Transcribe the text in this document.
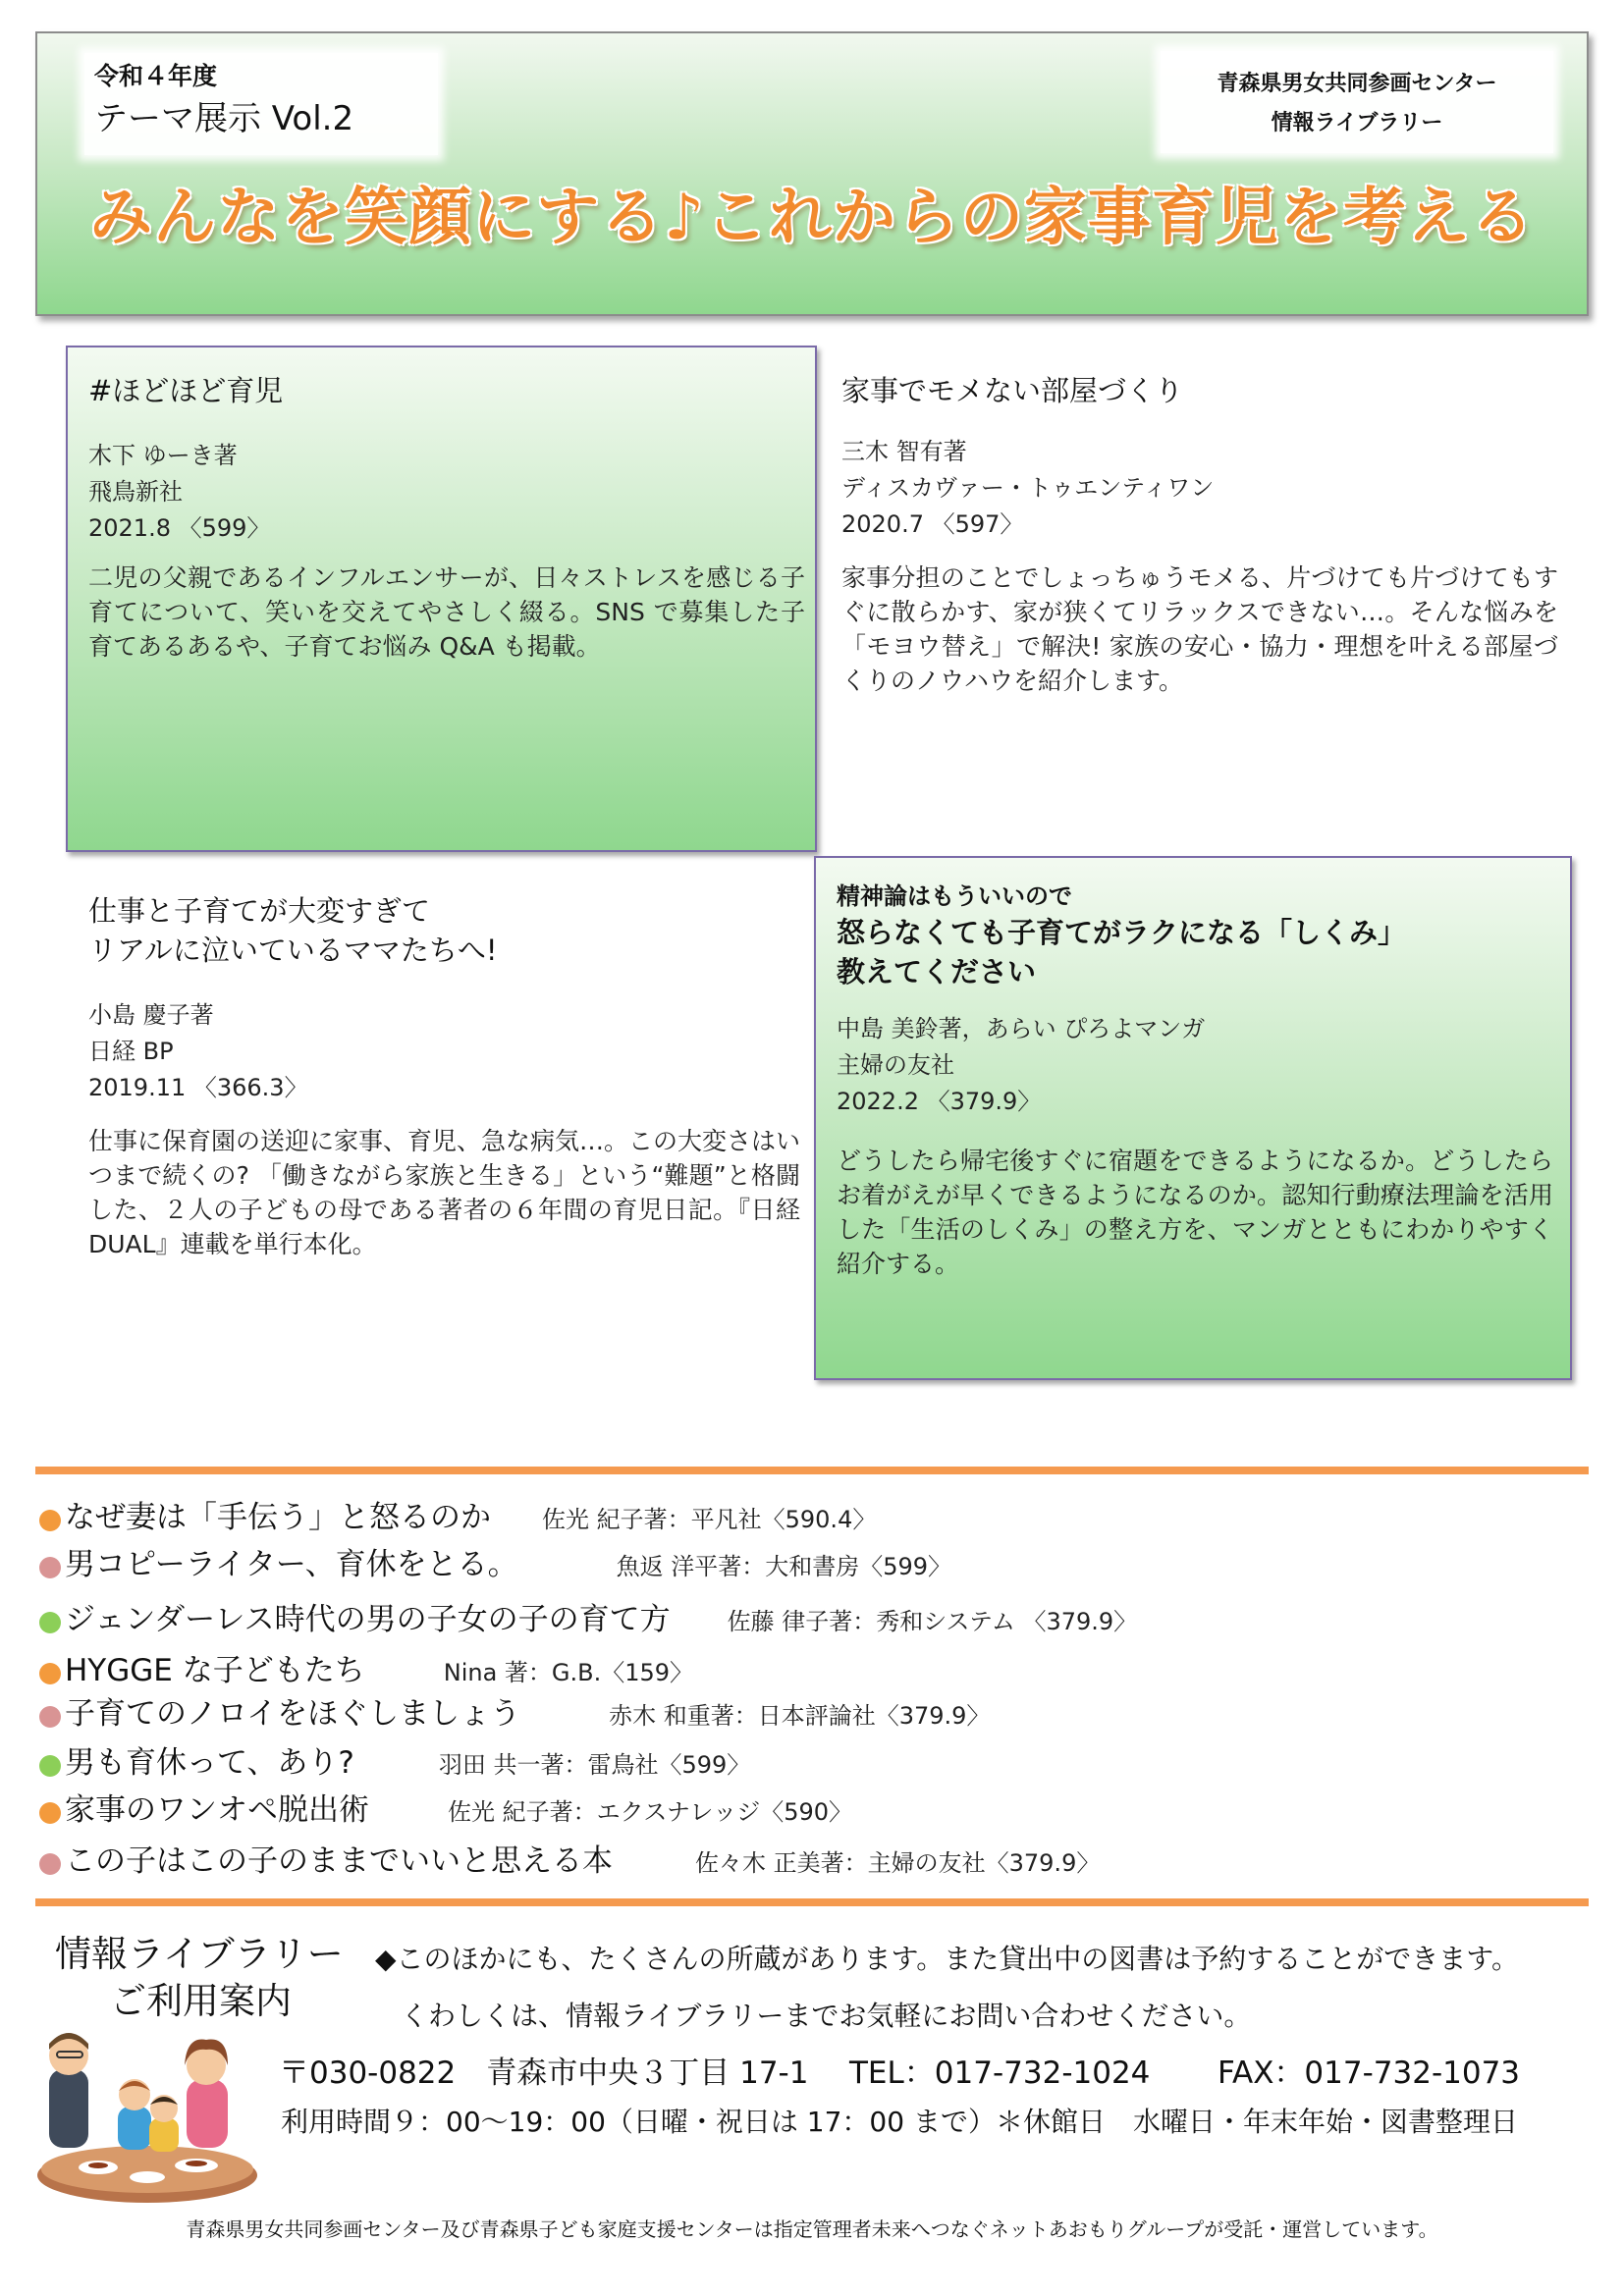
令和４年度
テーマ展示 Vol.2
青森県男女共同参画センター
情報ライブラリー
みんなを笑顔にする♪これからの家事育児を考える
#ほどほど育児
木下 ゆーき著
飛鳥新社
2021.8 〈599〉
二児の父親であるインフルエンサーが、日々ストレスを感じる子育てについて、笑いを交えてやさしく綴る。SNS で募集した子育てあるあるや、子育てお悩み Q&A も掲載。
家事でモメない部屋づくり
三木 智有著
ディスカヴァー・トゥエンティワン
2020.7 〈597〉
家事分担のことでしょっちゅうモメる、片づけても片づけてもすぐに散らかす、家が狭くてリラックスできない…。そんな悩みを「モヨウ替え」で解決! 家族の安心・協力・理想を叶える部屋づくりのノウハウを紹介します。
仕事と子育てが大変すぎて
リアルに泣いているママたちへ!
小島 慶子著
日経 BP
2019.11 〈366.3〉
仕事に保育園の送迎に家事、育児、急な病気…。この大変さはいつまで続くの? 「働きながら家族と生きる」という“難題”と格闘した、２人の子どもの母である著者の６年間の育児日記。『日経 DUAL』連載を単行本化。
精神論はもういいので
怒らなくても子育てがラクになる「しくみ」
教えてください
中島 美鈴著，あらい ぴろよマンガ
主婦の友社
2022.2 〈379.9〉
どうしたら帰宅後すぐに宿題をできるようになるか。どうしたらお着がえが早くできるようになるのか。認知行動療法理論を活用した「生活のしくみ」の整え方を、マンガとともにわかりやすく紹介する。
なぜ妻は「手伝う」と怒るのか 佐光 紀子著：平凡社〈590.4〉
男コピーライター、育休をとる。	魚返 洋平著：大和書房〈599〉
ジェンダーレス時代の男の子女の子の育て方 佐藤 律子著：秀和システム 〈379.9〉
HYGGE な子どもたち	Nina 著：G.B.〈159〉
子育てのノロイをほぐしましょう	赤木 和重著：日本評論社〈379.9〉
男も育休って、あり?	羽田 共一著：雷鳥社〈599〉
家事のワンオペ脱出術	佐光 紀子著：エクスナレッジ〈590〉
この子はこの子のままでいいと思える本	佐々木 正美著：主婦の友社〈379.9〉
情報ライブラリー
ご利用案内
◆このほかにも、たくさんの所蔵があります。また貸出中の図書は予約することができます。
くわしくは、情報ライブラリーまでお気軽にお問い合わせください。
〒030-0822　青森市中央３丁目 17-1 TEL：017-732-1024 FAX：017-732-1073
利用時間９：00～19：00（日曜・祝日は 17：00 まで）＊休館日　水曜日・年末年始・図書整理日
青森県男女共同参画センター及び青森県子ども家庭支援センターは指定管理者未来へつなぐネットあおもりグループが受託・運営しています。
